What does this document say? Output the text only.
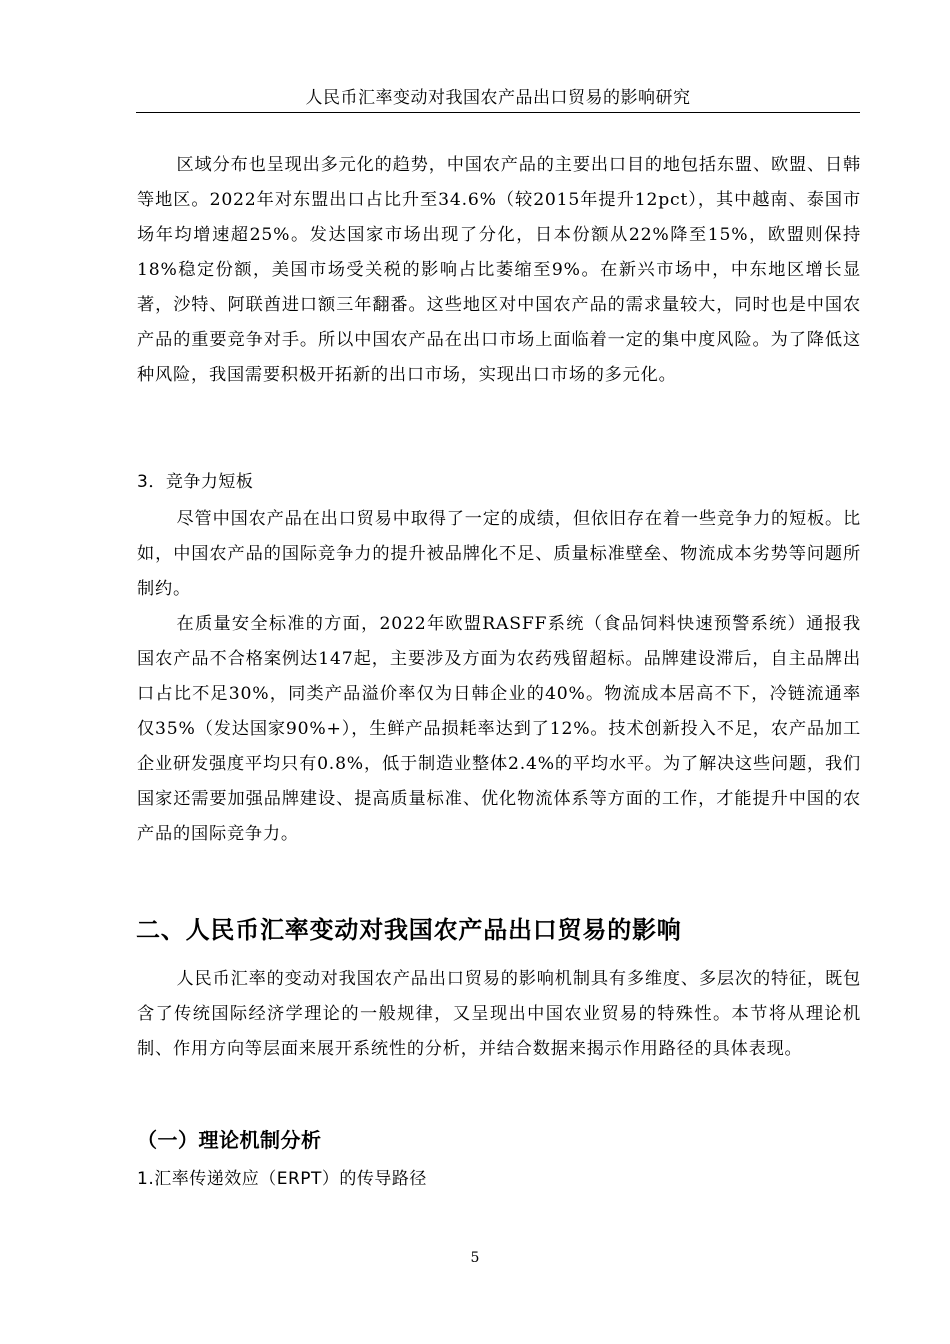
人民币汇率变动对我国农产品出口贸易的影响研究

区域分布也呈现出多元化的趋势，中国农产品的主要出口目的地包括东盟、欧盟、日韩等地区。2022年对东盟出口占比升至34.6%（较2015年提升12pct），其中越南、泰国市场年均增速超25%。发达国家市场出现了分化，日本份额从22%降至15%，欧盟则保持18%稳定份额，美国市场受关税的影响占比萎缩至9%。在新兴市场中，中东地区增长显著，沙特、阿联酋进口额三年翻番。这些地区对中国农产品的需求量较大，同时也是中国农产品的重要竞争对手。所以中国农产品在出口市场上面临着一定的集中度风险。为了降低这种风险，我国需要积极开拓新的出口市场，实现出口市场的多元化。

3．竞争力短板

尽管中国农产品在出口贸易中取得了一定的成绩，但依旧存在着一些竞争力的短板。比如，中国农产品的国际竞争力的提升被品牌化不足、质量标准壁垒、物流成本劣势等问题所制约。

在质量安全标准的方面，2022年欧盟RASFF系统（食品饲料快速预警系统）通报我国农产品不合格案例达147起，主要涉及方面为农药残留超标。品牌建设滞后，自主品牌出口占比不足30%，同类产品溢价率仅为日韩企业的40%。物流成本居高不下，冷链流通率仅35%（发达国家90%+），生鲜产品损耗率达到了12%。技术创新投入不足，农产品加工企业研发强度平均只有0.8%，低于制造业整体2.4%的平均水平。为了解决这些问题，我们国家还需要加强品牌建设、提高质量标准、优化物流体系等方面的工作，才能提升中国的农产品的国际竞争力。

二、人民币汇率变动对我国农产品出口贸易的影响

人民币汇率的变动对我国农产品出口贸易的影响机制具有多维度、多层次的特征，既包含了传统国际经济学理论的一般规律，又呈现出中国农业贸易的特殊性。本节将从理论机制、作用方向等层面来展开系统性的分析，并结合数据来揭示作用路径的具体表现。

（一）理论机制分析
1.汇率传递效应（ERPT）的传导路径
5
